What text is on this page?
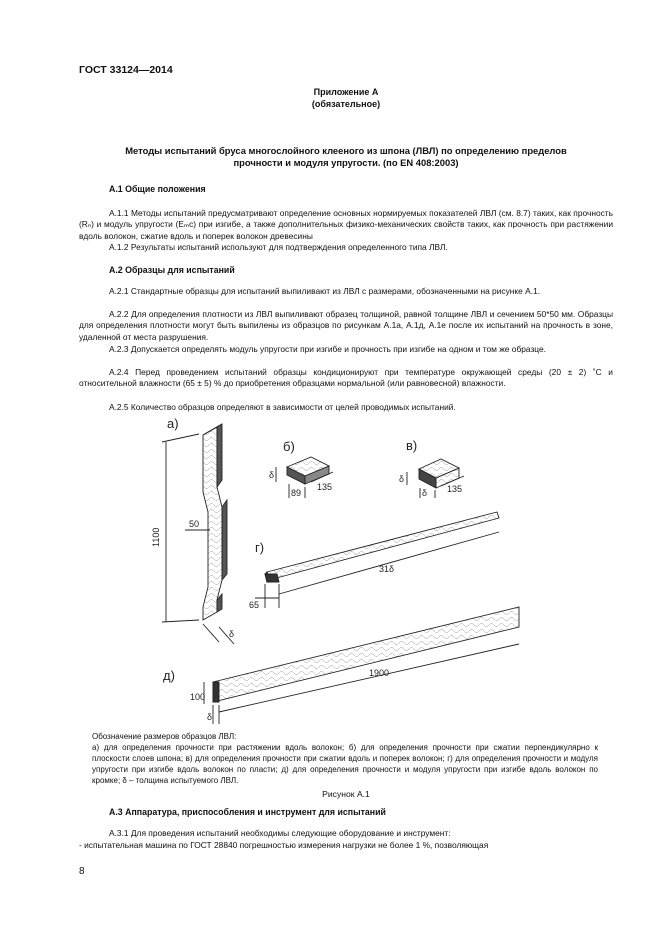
ГОСТ 33124—2014
Приложение А
(обязательное)
Методы испытаний бруса многослойного клееного из шпона (ЛВЛ) по определению пределов
прочности и модуля упругости. (по EN 408:2003)
А.1 Общие положения
А.1.1 Методы испытаний предусматривают определение основных нормируемых показателей ЛВЛ (см. 8.7) таких, как прочность (Rₙ) и модуль упругости (Eₘc) при изгибе, а также дополнительных физико-механических свойств таких, как прочность при растяжении вдоль волокон, сжатие вдоль и поперек волокон древесины
А.1.2 Результаты испытаний используют для подтверждения определенного типа ЛВЛ.
А.2 Образцы для испытаний
А.2.1 Стандартные образцы для испытаний выпиливают из ЛВЛ с размерами, обозначенными на рисунке А.1.
А.2.2 Для определения плотности из ЛВЛ выпиливают образец толщиной, равной толщине ЛВЛ и сечением 50*50 мм. Образцы для определения плотности могут быть выпилены из образцов по рисункам А.1а, А.1д, А.1е после их испытаний на прочность в зоне, удаленной от места разрушения.
А.2.3 Допускается определять модуль упругости при изгибе и прочность при изгибе на одном и том же образце.
А.2.4 Перед проведением испытаний образцы кондиционируют при температуре окружающей среды (20 ± 2) ˚С и относительной влажности (65 ± 5) % до приобретения образцами нормальной (или равновесной) влажности.
А.2.5 Количество образцов определяют в зависимости от целей проводимых испытаний.
а)
б)	в)
г)
д)
1100
50
δ
δ
89
135
δ
δ 135
31δ
65
100
1900
δ
Обозначение размеров образцов ЛВЛ:
а) для определения прочности при растяжении вдоль волокон; б) для определения прочности при сжатии перпендикулярно к плоскости слоев шпона; в) для определения прочности при сжатии вдоль и поперек волокон; г) для определения прочности и модуля упругости при изгибе вдоль волокон по пласти; д) для определения прочности и модуля упругости при изгибе вдоль волокон по кромке; δ – толщина испытуемого ЛВЛ.
Рисунок А.1
А.3 Аппаратура, приспособления и инструмент для испытаний
А.3.1 Для проведения испытаний необходимы следующие оборудование и инструмент:
- испытательная машина по ГОСТ 28840 погрешностью измерения нагрузки не более 1 %, позволяющая
8
